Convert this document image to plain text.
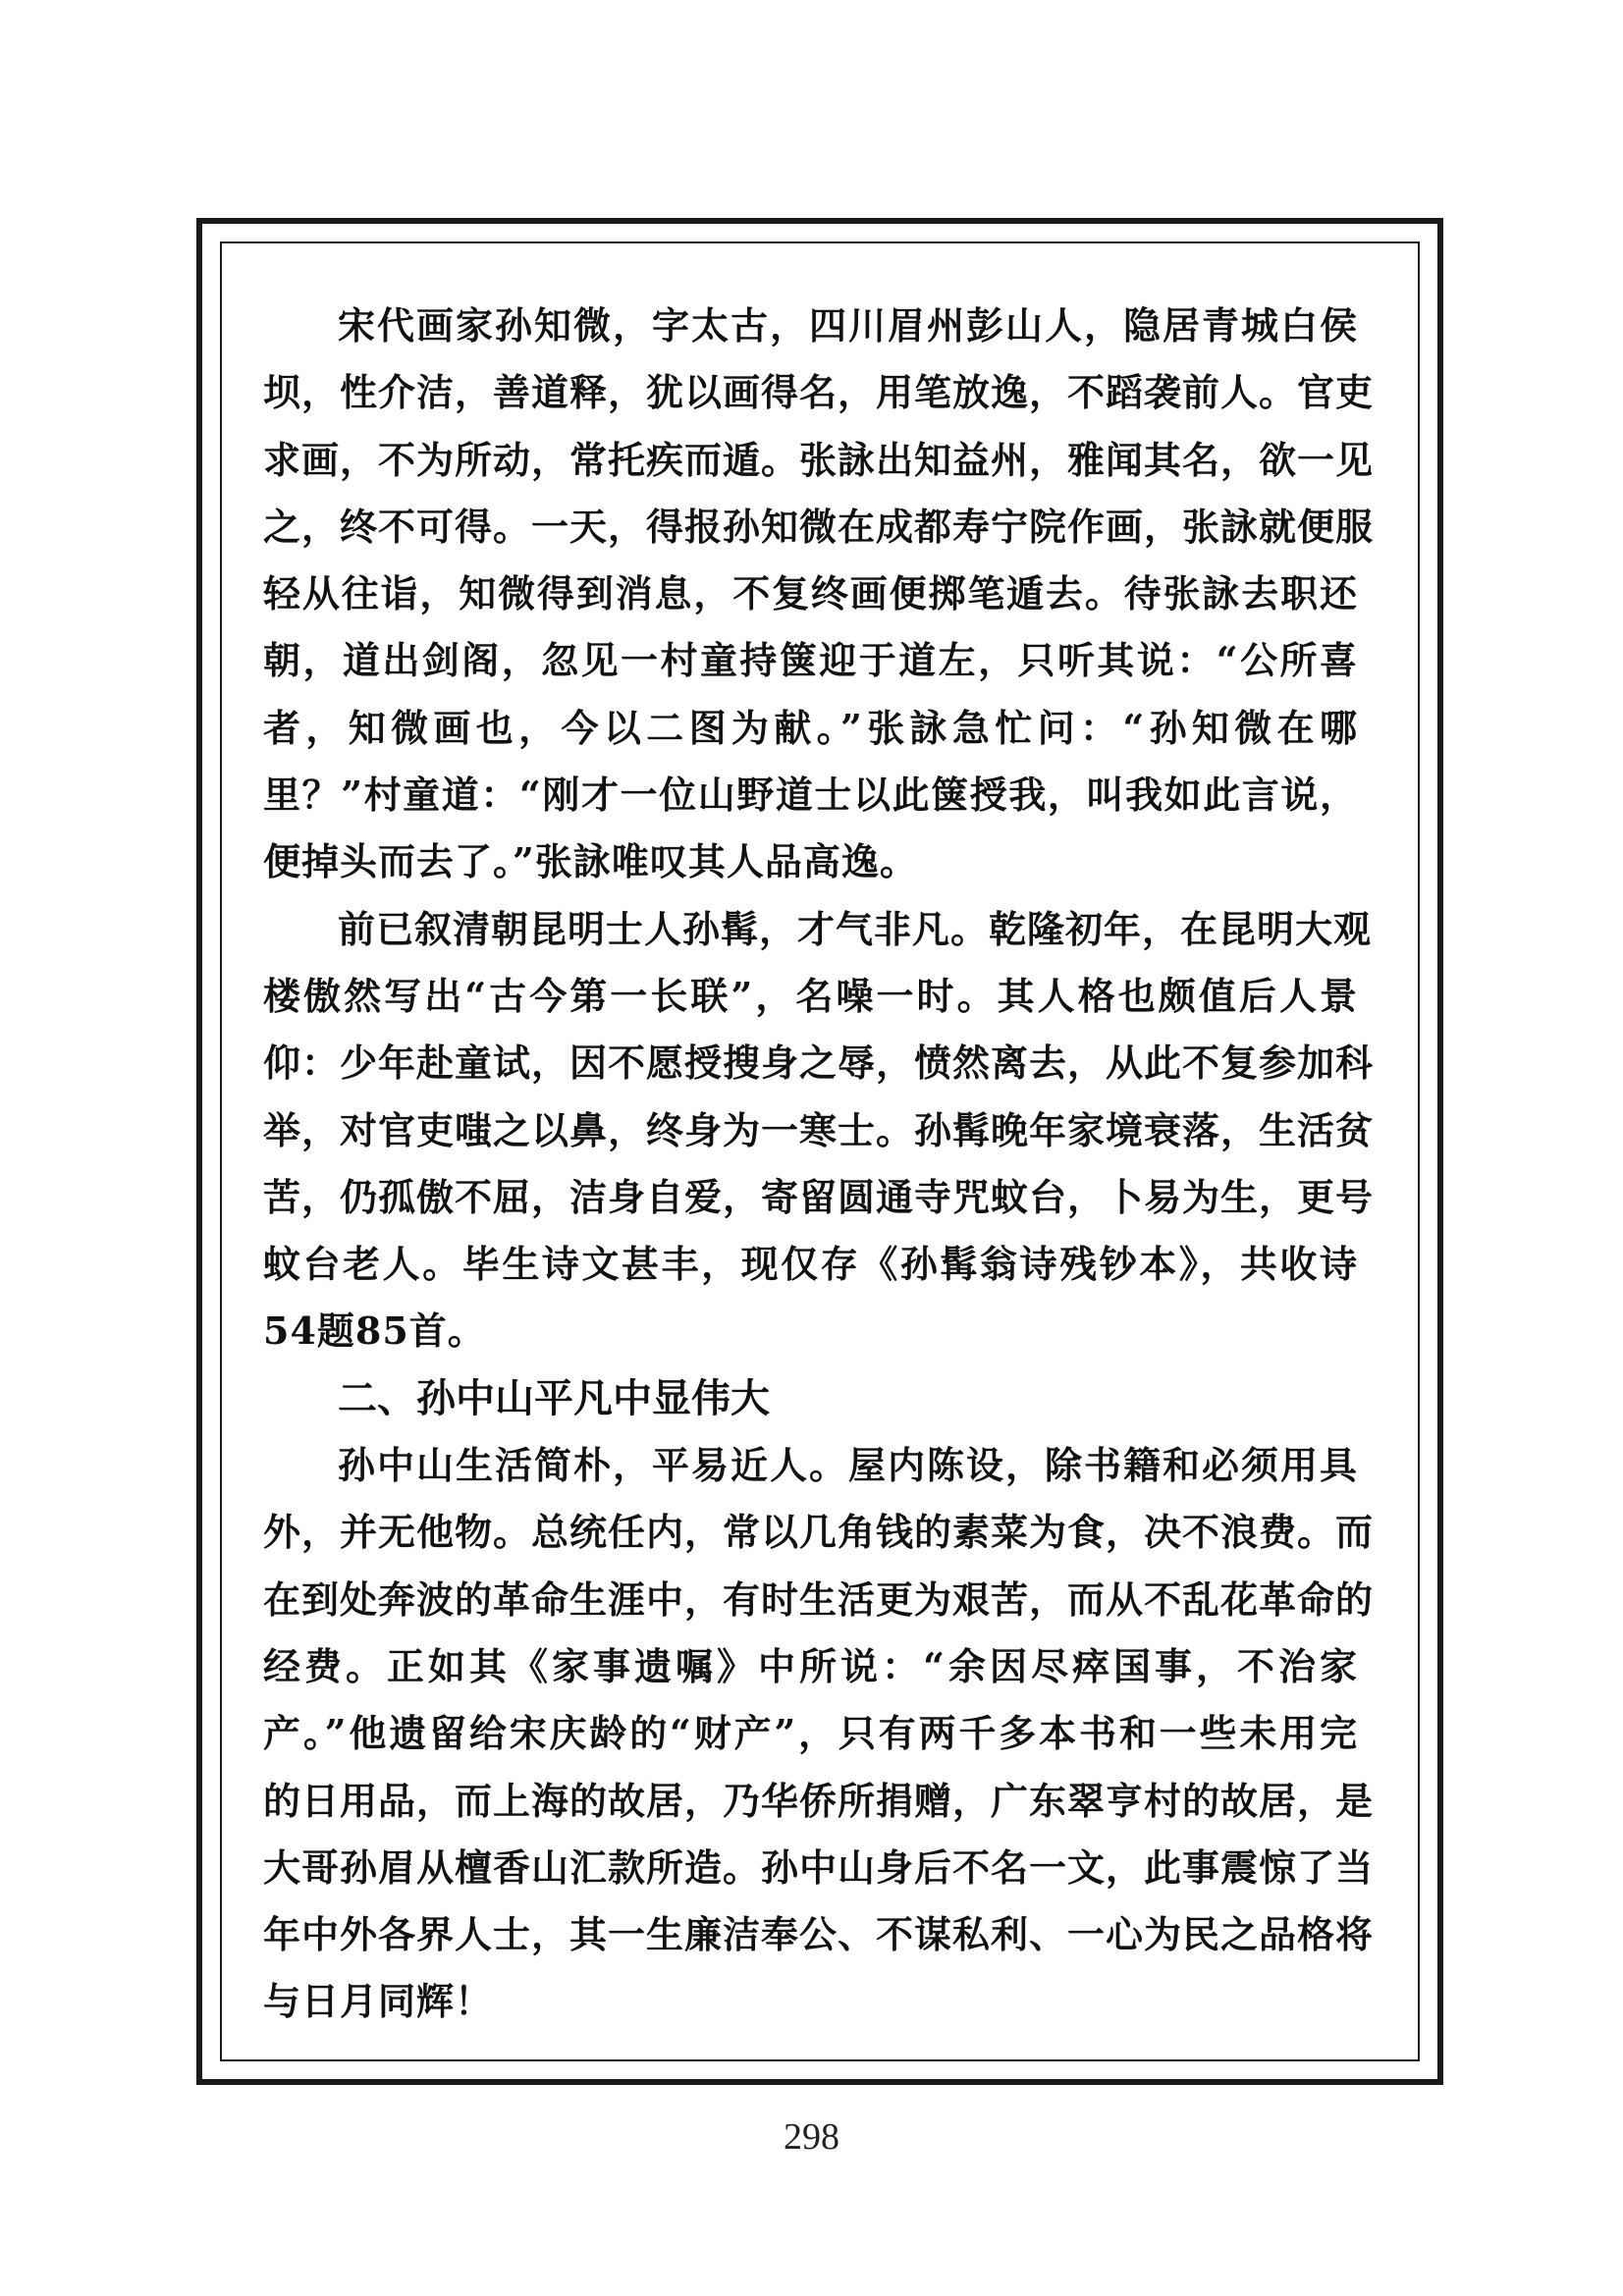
宋代画家孙知微，字太古，四川眉州彭山人，隐居青城白侯
坝，性介洁，善道释，犹以画得名，用笔放逸，不蹈袭前人。官吏
求画，不为所动，常托疾而遁。张詠出知益州，雅闻其名，欲一见
之，终不可得。一天，得报孙知微在成都寿宁院作画，张詠就便服
轻从往诣，知微得到消息，不复终画便掷笔遁去。待张詠去职还
朝，道出剑阁，忽见一村童持箧迎于道左，只听其说：“公所喜
者，知微画也，今以二图为献。”张詠急忙问：“孙知微在哪
里？”村童道：“刚才一位山野道士以此箧授我，叫我如此言说，
便掉头而去了。”张詠唯叹其人品高逸。
前已叙清朝昆明士人孙髯，才气非凡。乾隆初年，在昆明大观
楼傲然写出“古今第一长联”，名噪一时。其人格也颇值后人景
仰：少年赴童试，因不愿授搜身之辱，愤然离去，从此不复参加科
举，对官吏嗤之以鼻，终身为一寒士。孙髯晚年家境衰落，生活贫
苦，仍孤傲不屈，洁身自爱，寄留圆通寺咒蚊台，卜易为生，更号
蚊台老人。毕生诗文甚丰，现仅存《孙髯翁诗残钞本》，共收诗
54题85首。
二、孙中山平凡中显伟大
孙中山生活简朴，平易近人。屋内陈设，除书籍和必须用具
外，并无他物。总统任内，常以几角钱的素菜为食，决不浪费。而
在到处奔波的革命生涯中，有时生活更为艰苦，而从不乱花革命的
经费。正如其《家事遗嘱》中所说：“余因尽瘁国事，不治家
产。”他遗留给宋庆龄的“财产”，只有两千多本书和一些未用完
的日用品，而上海的故居，乃华侨所捐赠，广东翠亨村的故居，是
大哥孙眉从檀香山汇款所造。孙中山身后不名一文，此事震惊了当
年中外各界人士，其一生廉洁奉公、不谋私利、一心为民之品格将
与日月同辉！
298
